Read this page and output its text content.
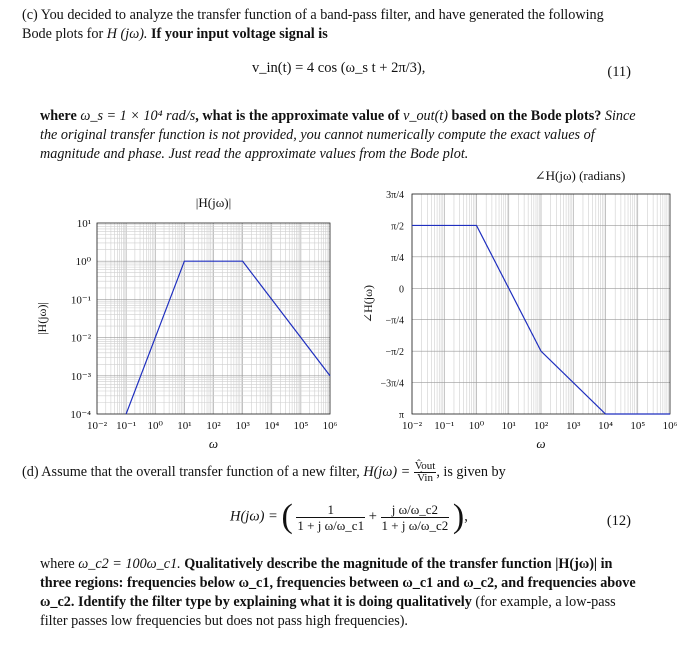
(c) You decided to analyze the transfer function of a band-pass filter, and have generated the following Bode plots for H (jω). If your input voltage signal is
v_in(t) = 4 cos (ω_s t + 2π/3),	(11)
where ω_s = 1 × 10⁴ rad/s, what is the approximate value of v_out(t) based on the Bode plots? Since the original transfer function is not provided, you cannot numerically compute the exact values of magnitude and phase. Just read the approximate values from the Bode plot.
|H(jω)|
10⁻² 10⁻¹ 10⁰ 10¹ 10² 10³ 10⁴ 10⁵ 10⁶
10¹
10⁰
10⁻¹
10⁻²
10⁻³
10⁻⁴
ω
|H(jω)|
∠H(jω) (radians)
10⁻² 10⁻¹ 10⁰ 10¹ 10² 10³ 10⁴ 10⁵ 10⁶
3π/4
π/2
π/4
0
−π/4
−π/2
−3π/4
π
ω
∠H(jω)
(d) Assume that the overall transfer function of a new filter, $H(j\omega) = \frac{\text{V̂out}}{V̂in}$ , is given by
H(jω) = ( $\frac{1}{\text{1 + j ω/ω\_c1}} + \frac{\text{j ω/ω\_c2}}{\text{1 + j ω/ω\_c2}}$ ),	(12)
where ω_c2 = 100ω_c1. Qualitatively describe the magnitude of the transfer function |H(jω)| in three regions: frequencies below ω_c1, frequencies between ω_c1 and ω_c2, and frequencies above ω_c2. Identify the filter type by explaining what it is doing qualitatively (for example, a low-pass filter passes low frequencies but does not pass high frequencies).
